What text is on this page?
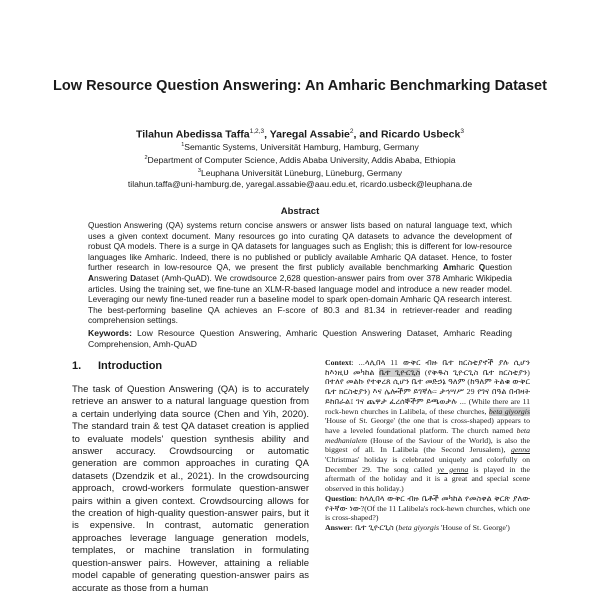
Low Resource Question Answering: An Amharic Benchmarking Dataset
Tilahun Abedissa Taffa$^{1,2,3}$, Yaregal Assabie$^2$, and Ricardo Usbeck$^3$
$^1$Semantic Systems, Universität Hamburg, Hamburg, Germany
$^2$Department of Computer Science, Addis Ababa University, Addis Ababa, Ethiopia
$^3$Leuphana Universität Lüneburg, Lüneburg, Germany
tilahun.taffa@uni-hamburg.de, yaregal.assabie@aau.edu.et, ricardo.usbeck@leuphana.de
Abstract
Question Answering (QA) systems return concise answers or answer lists based on natural language text, which uses a given context document. Many resources go into curating QA datasets to advance the development of robust QA models. There is a surge in QA datasets for languages such as English; this is different for low-resource languages like Amharic. Indeed, there is no published or publicly available Amharic QA dataset. Hence, to foster further research in low-resource QA, we present the first publicly available benchmarking Amharic Question Answering Dataset (Amh-QuAD). We crowdsource 2,628 question-answer pairs from over 378 Amharic Wikipedia articles. Using the training set, we fine-tune an XLM-R-based language model and introduce a new reader model. Leveraging our newly fine-tuned reader run a baseline model to spark open-domain Amharic QA research interest. The best-performing baseline QA achieves an F-score of 80.3 and 81.34 in retriever-reader and reading comprehension settings.
Keywords: Low Resource Question Answering, Amharic Question Answering Dataset, Amharic Reading Comprehension, Amh-QuAD
1. Introduction
The task of Question Answering (QA) is to accurately retrieve an answer to a natural language question from a certain underlying data source (Chen and Yih, 2020). The standard train & test QA dataset creation is applied to evaluate models' question synthesis ability and answer accuracy. Crowdsourcing or automatic generation are common approaches in curating QA datasets (Dzendzik et al., 2021). In the crowdsourcing approach, crowd-workers formulate question-answer pairs within a given context. Crowdsourcing allows for the creation of high-quality question-answer pairs, but it is expensive. In contrast, automatic generation approaches leverage language generation models, templates, or machine translation in formulating question-answer pairs. However, attaining a reliable model capable of generating question-answer pairs as accurate as those from a human

Context: ...ላሊበላ 11 ውቅር ብዙ ቤተ ክርስቲያኖች ያሉ ሲሆን ከእነዚህ መካከል ቤተ ጊዮርጊስ (የቅዱስ ጊዮርጊስ ቤተ ክርስቲያን) በተለየ መልኩ የተቀረጸ ሲሆን ቤተ መድኃኔ ዓለም (ከዓለም ትልቁ ውቅር ቤተ ክርስቲያን) እና ሌሎችም ይገኛሉ። ታኅሣሥ 29 የገና በዓል በብዛት ይከበራል፤ ገና ጨዋታ ፈረሰኞችም ይጫወታሉ ... (While there are 11 rock-hewn churches in Lalibela, of these churches, beta giyorgis 'House of St. George' (the one that is cross-shaped) appears to have a leveled foundational platform. The church named beta medhanialem (House of the Saviour of the World), is also the biggest of all. In Lalibela (the Second Jerusalem), genna 'Christmas' holiday is celebrated uniquely and colorfully on December 29. The song called ye genna is played in the aftermath of the holiday and it is a great and special scene observed in this holiday.)

Question: ከላሊበላ ውቅር ብዙ ቤቶች መካከል የመስቀል ቅርጽ ያለው የትኛው ነው?(Of the 11 Lalibela's rock-hewn churches, which one is cross-shaped?)

Answer: ቤተ ጊዮርጊስ (beta giyorgis 'House of St. George')
